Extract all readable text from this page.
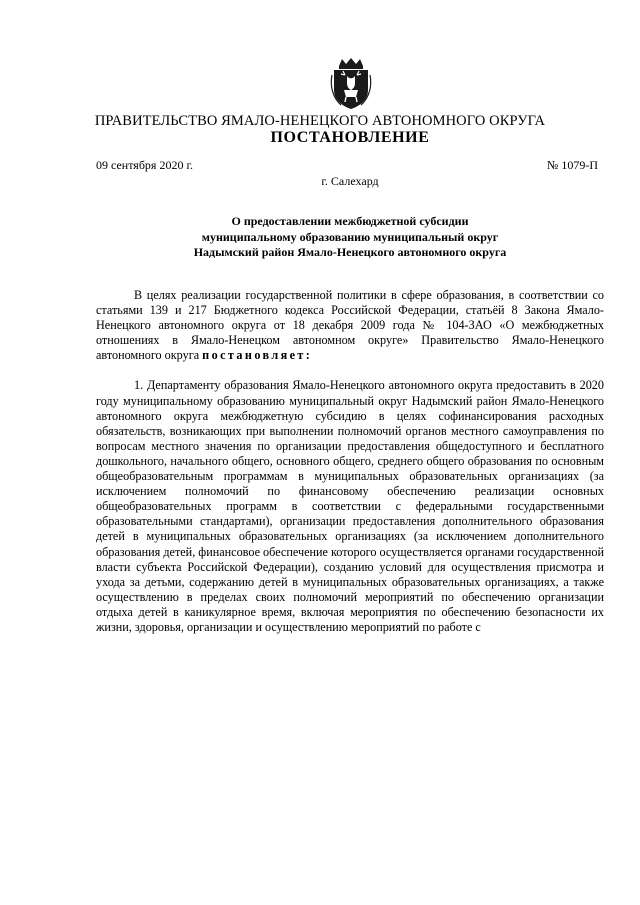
ПРАВИТЕЛЬСТВО ЯМАЛО-НЕНЕЦКОГО АВТОНОМНОГО ОКРУГА
ПОСТАНОВЛЕНИЕ
09 сентября 2020 г.	№ 1079-П
г. Салехард
О предоставлении межбюджетной субсидии
муниципальному образованию муниципальный округ
Надымский район Ямало-Ненецкого автономного округа

В целях реализации государственной политики в сфере образования, в соответствии со статьями 139 и 217 Бюджетного кодекса Российской Федерации, статьёй 8 Закона Ямало-Ненецкого автономного округа от 18 декабря 2009 года № 104-ЗАО «О межбюджетных отношениях в Ямало-Ненецком автономном округе» Правительство Ямало-Ненецкого автономного округа постановляет:

1. Департаменту образования Ямало-Ненецкого автономного округа предоставить в 2020 году муниципальному образованию муниципальный округ Надымский район Ямало-Ненецкого автономного округа межбюджетную субсидию в целях софинансирования расходных обязательств, возникающих при выполнении полномочий органов местного самоуправления по вопросам местного значения по организации предоставления общедоступного и бесплатного дошкольного, начального общего, основного общего, среднего общего образования по основным общеобразовательным программам в муниципальных образовательных организациях (за исключением полномочий по финансовому обеспечению реализации основных общеобразовательных программ в соответствии с федеральными государственными образовательными стандартами), организации предоставления дополнительного образования детей в муниципальных образовательных организациях (за исключением дополнительного образования детей, финансовое обеспечение которого осуществляется органами государственной власти субъекта Российской Федерации), созданию условий для осуществления присмотра и ухода за детьми, содержанию детей в муниципальных образовательных организациях, а также осуществлению в пределах своих полномочий мероприятий по обеспечению организации отдыха детей в каникулярное время, включая мероприятия по обеспечению безопасности их жизни, здоровья, организации и осуществлению мероприятий по работе с
